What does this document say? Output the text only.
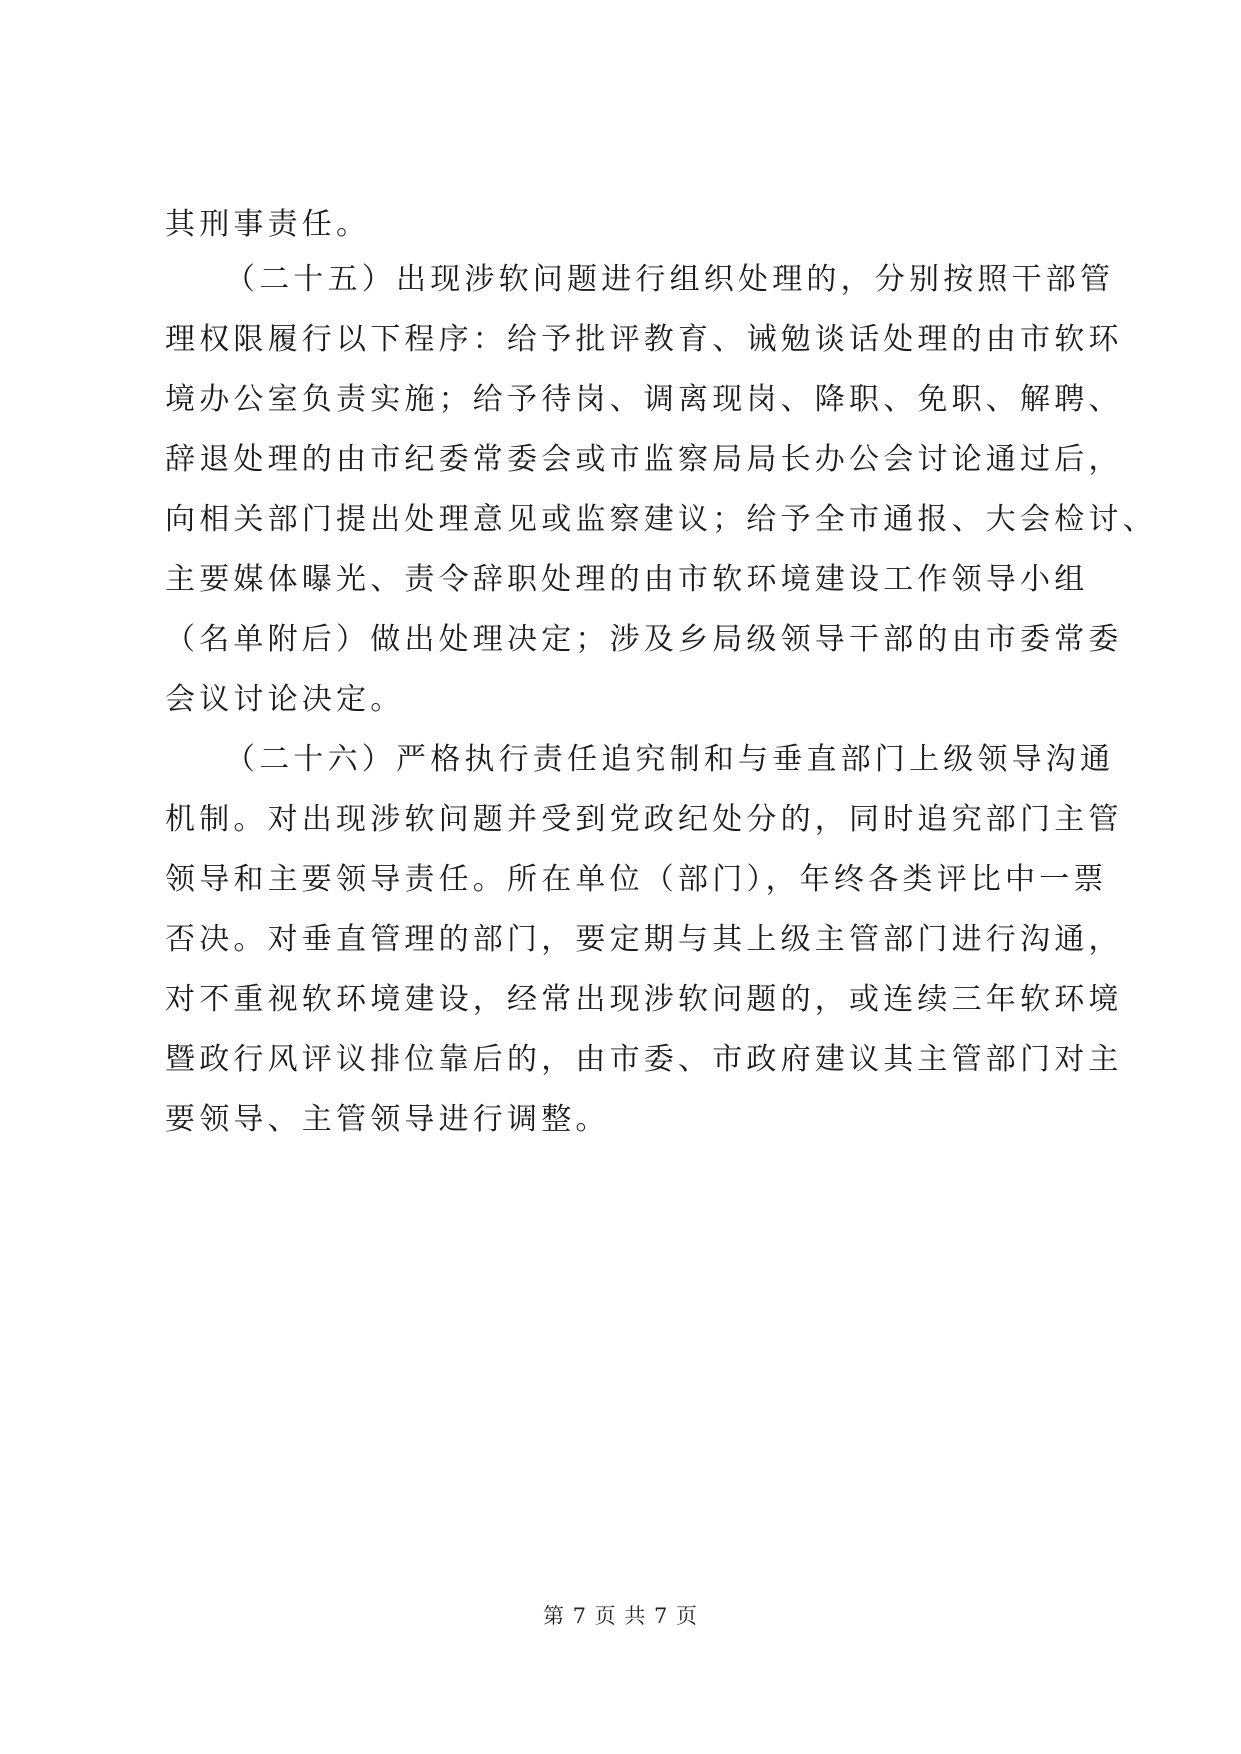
其刑事责任。
（二十五）出现涉软问题进行组织处理的，分别按照干部管
理权限履行以下程序：给予批评教育、诫勉谈话处理的由市软环
境办公室负责实施；给予待岗、调离现岗、降职、免职、解聘、
辞退处理的由市纪委常委会或市监察局局长办公会讨论通过后，
向相关部门提出处理意见或监察建议；给予全市通报、大会检讨、
主要媒体曝光、责令辞职处理的由市软环境建设工作领导小组
（名单附后）做出处理决定；涉及乡局级领导干部的由市委常委
会议讨论决定。
（二十六）严格执行责任追究制和与垂直部门上级领导沟通
机制。对出现涉软问题并受到党政纪处分的，同时追究部门主管
领导和主要领导责任。所在单位（部门），年终各类评比中一票
否决。对垂直管理的部门，要定期与其上级主管部门进行沟通，
对不重视软环境建设，经常出现涉软问题的，或连续三年软环境
暨政行风评议排位靠后的，由市委、市政府建议其主管部门对主
要领导、主管领导进行调整。
第 7 页 共 7 页
